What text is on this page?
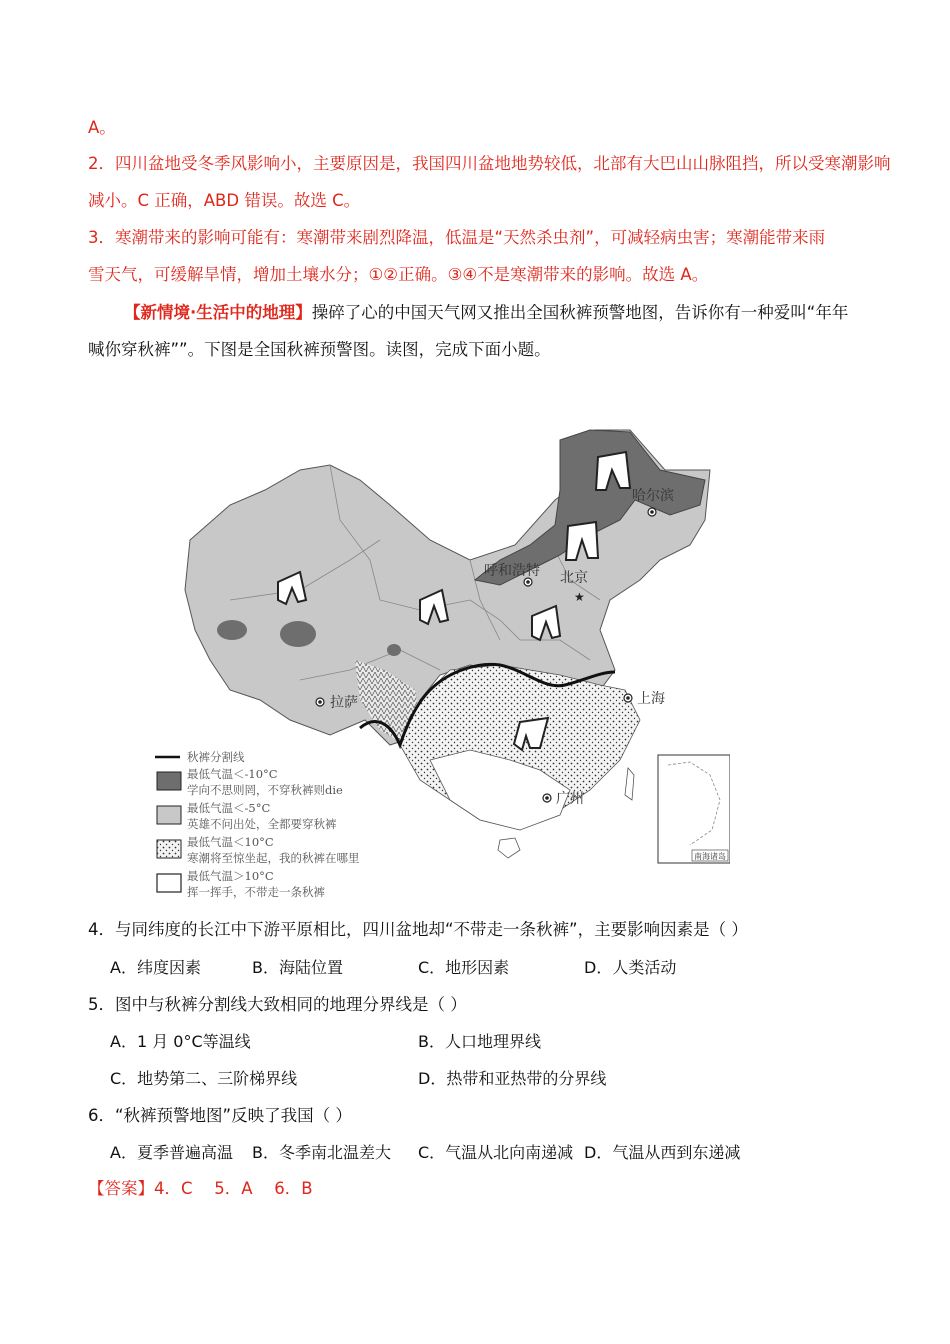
A。
2．四川盆地受冬季风影响小，主要原因是，我国四川盆地地势较低，北部有大巴山山脉阻挡，所以受寒潮影响
减小。C 正确，ABD 错误。故选 C。
3．寒潮带来的影响可能有：寒潮带来剧烈降温，低温是“天然杀虫剂”，可减轻病虫害；寒潮能带来雨
雪天气，可缓解旱情，增加土壤水分；①②正确。③④不是寒潮带来的影响。故选 A。
【新情境·生活中的地理】操碎了心的中国天气网又推出全国秋裤预警地图，告诉你有一种爱叫“年年
喊你穿秋裤””。下图是全国秋裤预警图。读图，完成下面小题。
★
哈尔滨
呼和浩特 北京
拉萨	上海
广州
南海诸岛
秋裤分割线
最低气温＜-10°C
学向不思则罔，不穿秋裤则die
最低气温＜-5°C
英雄不问出处，全都要穿秋裤
最低气温＜10°C
寒潮将至惊坐起，我的秋裤在哪里
最低气温＞10°C
挥一挥手，不带走一条秋裤
4．与同纬度的长江中下游平原相比，四川盆地却“不带走一条秋裤”，主要影响因素是（ ）
A．纬度因素	B．海陆位置	C．地形因素	D．人类活动
5．图中与秋裤分割线大致相同的地理分界线是（ ）
A．1 月 0°C等温线	B．人口地理界线
C．地势第二、三阶梯界线	D．热带和亚热带的分界线
6．“秋裤预警地图”反映了我国（ ）
A．夏季普遍高温 B．冬季南北温差大 C．气温从北向南递减 D．气温从西到东递减
【答案】4．C　 5．A　 6．B
